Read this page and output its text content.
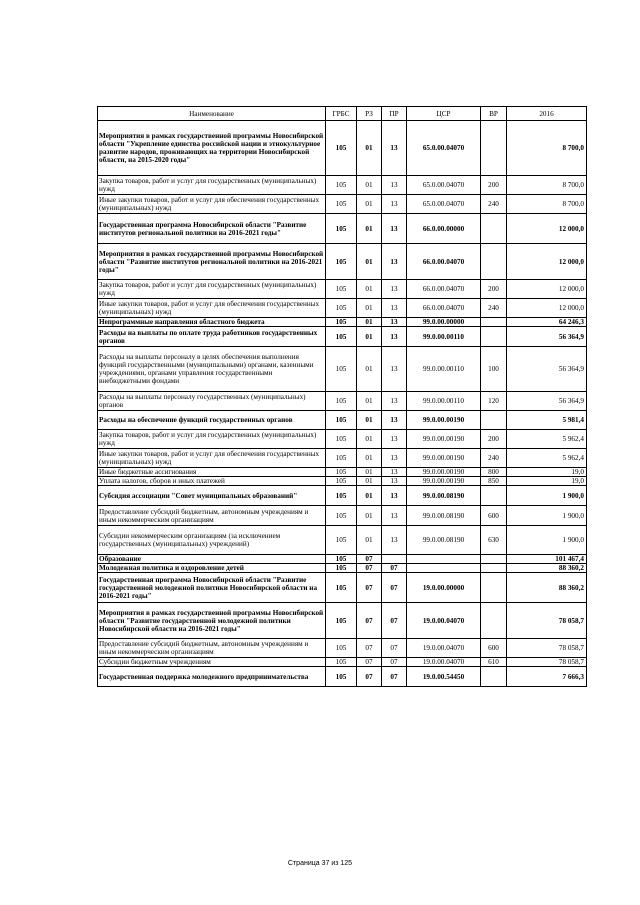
Наименование	ГРБС	РЗ	ПР	ЦСР	ВР	2016
Мероприятия в рамках государственной программы Новосибирской области "Укрепление единства российской нации и этнокультурное развитие народов, проживающих на территории Новосибирской области, на 2015-2020 годы"	105	01	13	65.0.00.04070		8 700,0
Закупка товаров, работ и услуг для государственных (муниципальных) нужд	105	01	13	65.0.00.04070	200	8 700,0
Иные закупки товаров, работ и услуг для обеспечения государственных (муниципальных) нужд	105	01	13	65.0.00.04070	240	8 700,0
Государственная программа Новосибирской области "Развитие институтов региональной политики на 2016-2021 годы"	105	01	13	66.0.00.00000		12 000,0
Мероприятия в рамках государственной программы Новосибирской области "Развитие институтов региональной политики на 2016-2021 годы"	105	01	13	66.0.00.04070		12 000,0
Закупка товаров, работ и услуг для государственных (муниципальных) нужд	105	01	13	66.0.00.04070	200	12 000,0
Иные закупки товаров, работ и услуг для обеспечения государственных (муниципальных) нужд	105	01	13	66.0.00.04070	240	12 000,0
Непрограммные направления областного бюджета	105	01	13	99.0.00.00000		64 246,3
Расходы на выплаты по оплате труда работников государственных органов	105	01	13	99.0.00.00110		56 364,9
Расходы на выплаты персоналу в целях обеспечения выполнения функций государственными (муниципальными) органами, казенными учреждениями, органами управления государственными внебюджетными фондами	105	01	13	99.0.00.00110	100	56 364,9
Расходы на выплаты персоналу государственных (муниципальных) органов	105	01	13	99.0.00.00110	120	56 364,9
Расходы на обеспечение функций государственных органов	105	01	13	99.0.00.00190		5 981,4
Закупка товаров, работ и услуг для государственных (муниципальных) нужд	105	01	13	99.0.00.00190	200	5 962,4
Иные закупки товаров, работ и услуг для обеспечения государственных (муниципальных) нужд	105	01	13	99.0.00.00190	240	5 962,4
Иные бюджетные ассигнования	105	01	13	99.0.00.00190	800	19,0
Уплата налогов, сборов и иных платежей	105	01	13	99.0.00.00190	850	19,0
Субсидия ассоциации "Совет муниципальных образований"	105	01	13	99.0.00.08190		1 900,0
Предоставление субсидий бюджетным, автономным учреждениям и иным некоммерческим организациям	105	01	13	99.0.00.08190	600	1 900,0
Субсидии некоммерческим организациям (за исключением государственных (муниципальных) учреждений)	105	01	13	99.0.00.08190	630	1 900,0
Образование	105	07				101 467,4
Молодежная политика и оздоровление детей	105	07	07			88 360,2
Государственная программа Новосибирской области "Развитие государственной молодежной политики Новосибирской области на 2016-2021 годы"	105	07	07	19.0.00.00000		88 360,2
Мероприятия в рамках государственной программы Новосибирской области "Развитие государственной молодежной политики Новосибирской области на 2016-2021 годы"	105	07	07	19.0.00.04070		78 058,7
Предоставление субсидий бюджетным, автономным учреждениям и иным некоммерческим организациям	105	07	07	19.0.00.04070	600	78 058,7
Субсидии бюджетным учреждениям	105	07	07	19.0.00.04070	610	78 058,7
Государственная поддержка молодежного предпринимательства	105	07	07	19.0.00.54450		7 666,3
Страница 37 из 125
